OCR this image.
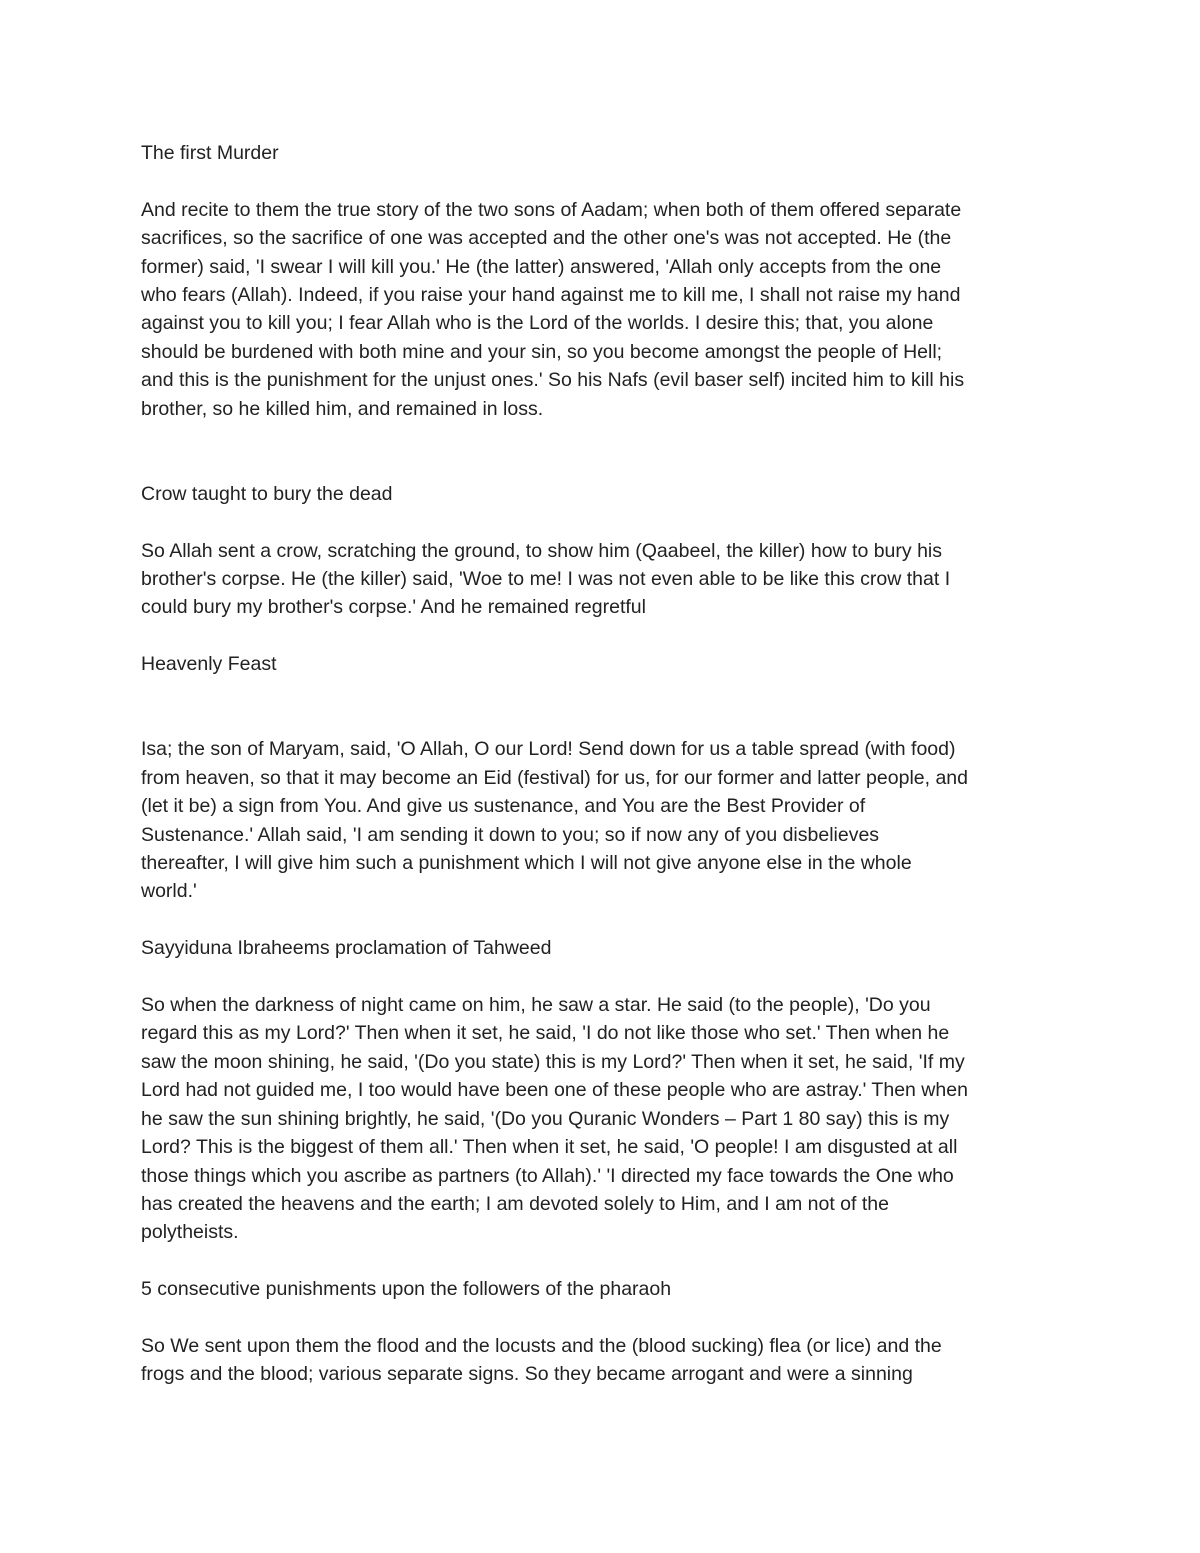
The first Murder

And recite to them the true story of the two sons of Aadam; when both of them offered separate
sacrifices, so the sacrifice of one was accepted and the other one's was not accepted. He (the
former) said, 'I swear I will kill you.' He (the latter) answered, 'Allah only accepts from the one
who fears (Allah). Indeed, if you raise your hand against me to kill me, I shall not raise my hand
against you to kill you; I fear Allah who is the Lord of the worlds. I desire this; that, you alone
should be burdened with both mine and your sin, so you become amongst the people of Hell;
and this is the punishment for the unjust ones.' So his Nafs (evil baser self) incited him to kill his
brother, so he killed him, and remained in loss.

Crow taught to bury the dead

So Allah sent a crow, scratching the ground, to show him (Qaabeel, the killer) how to bury his
brother's corpse. He (the killer) said, 'Woe to me! I was not even able to be like this crow that I
could bury my brother's corpse.' And he remained regretful

Heavenly Feast

Isa; the son of Maryam, said, 'O Allah, O our Lord! Send down for us a table spread (with food)
from heaven, so that it may become an Eid (festival) for us, for our former and latter people, and
(let it be) a sign from You. And give us sustenance, and You are the Best Provider of
Sustenance.' Allah said, 'I am sending it down to you; so if now any of you disbelieves
thereafter, I will give him such a punishment which I will not give anyone else in the whole
world.'

Sayyiduna Ibraheems proclamation of Tahweed

So when the darkness of night came on him, he saw a star. He said (to the people), 'Do you
regard this as my Lord?' Then when it set, he said, 'I do not like those who set.' Then when he
saw the moon shining, he said, '(Do you state) this is my Lord?' Then when it set, he said, 'If my
Lord had not guided me, I too would have been one of these people who are astray.' Then when
he saw the sun shining brightly, he said, '(Do you Quranic Wonders – Part 1 80 say) this is my
Lord? This is the biggest of them all.' Then when it set, he said, 'O people! I am disgusted at all
those things which you ascribe as partners (to Allah).' 'I directed my face towards the One who
has created the heavens and the earth; I am devoted solely to Him, and I am not of the
polytheists.

5 consecutive punishments upon the followers of the pharaoh

So We sent upon them the flood and the locusts and the (blood sucking) flea (or lice) and the
frogs and the blood; various separate signs. So they became arrogant and were a sinning
